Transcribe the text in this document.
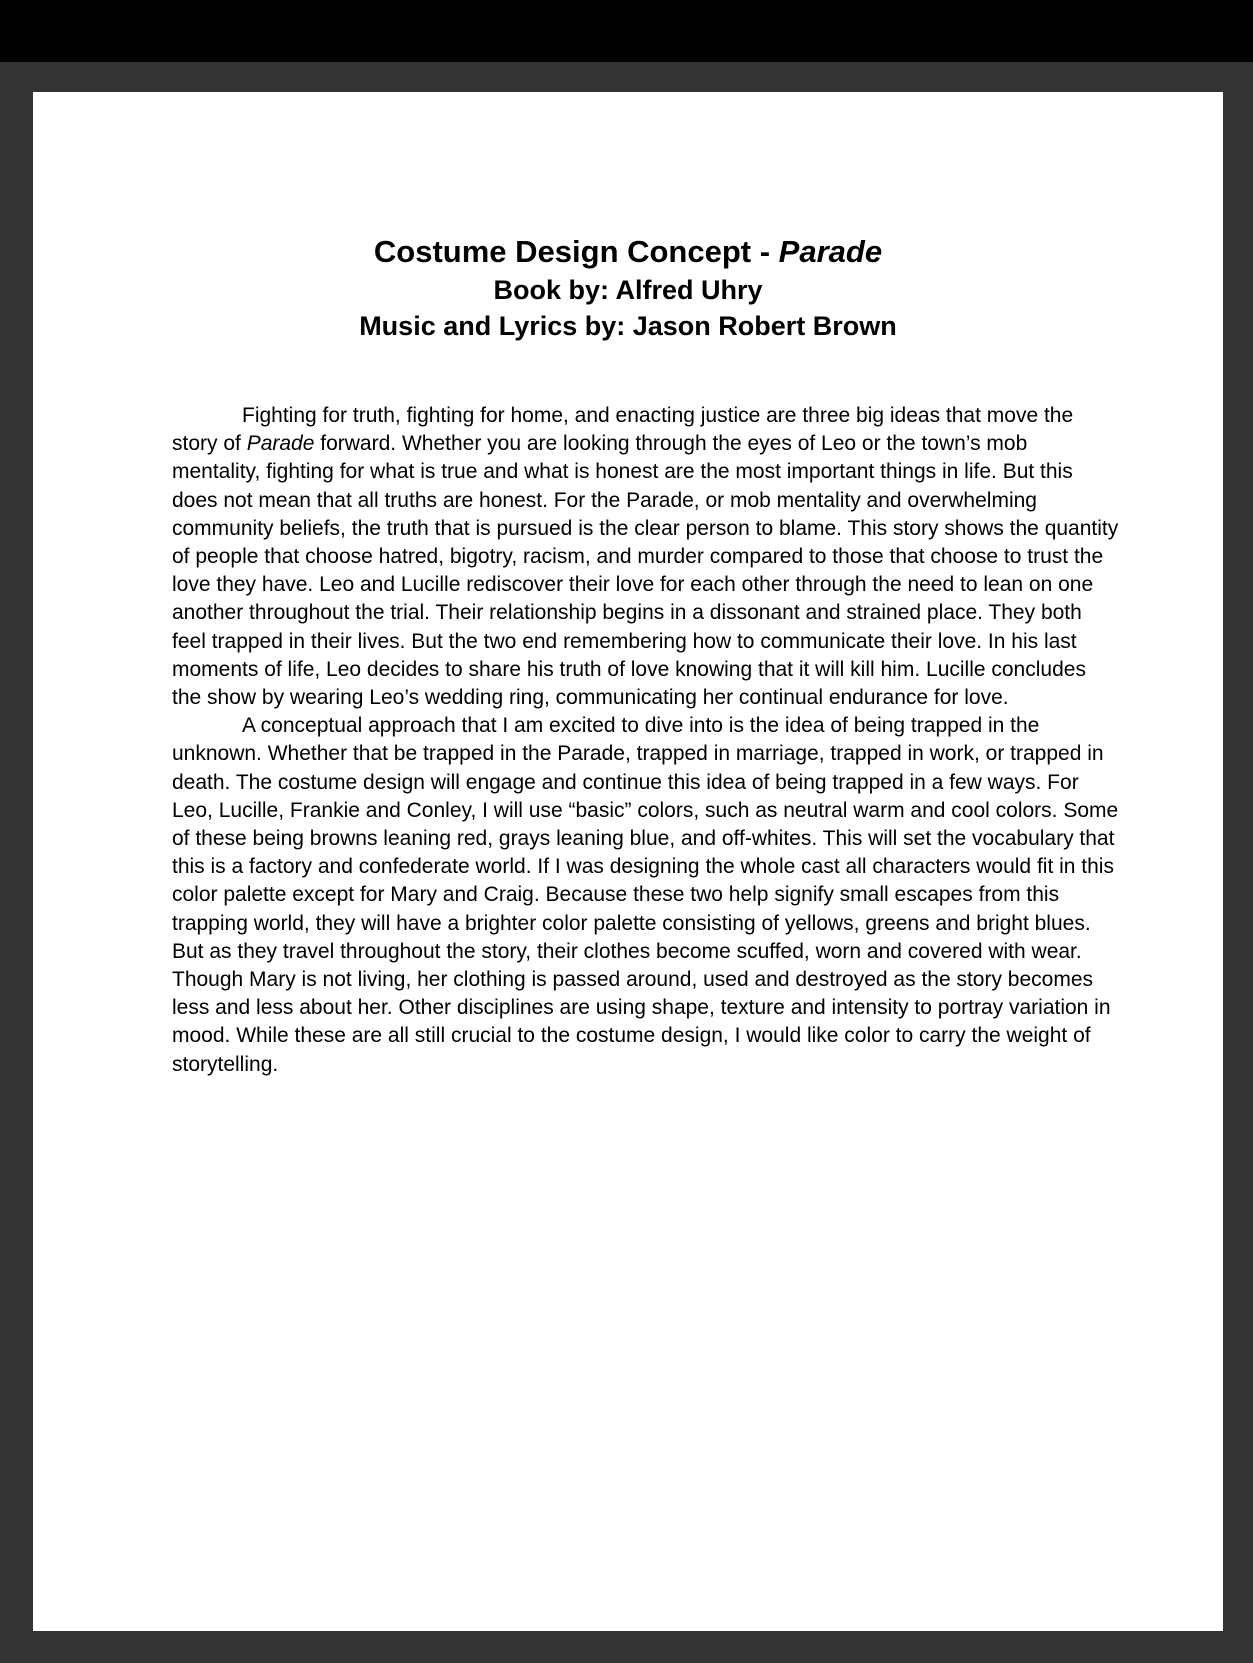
Costume Design Concept - Parade

Book by: Alfred Uhry

Music and Lyrics by: Jason Robert Brown

Fighting for truth, fighting for home, and enacting justice are three big ideas that move the story of Parade forward. Whether you are looking through the eyes of Leo or the town’s mob mentality, fighting for what is true and what is honest are the most important things in life. But this does not mean that all truths are honest. For the Parade, or mob mentality and overwhelming community beliefs, the truth that is pursued is the clear person to blame. This story shows the quantity of people that choose hatred, bigotry, racism, and murder compared to those that choose to trust the love they have. Leo and Lucille rediscover their love for each other through the need to lean on one another throughout the trial. Their relationship begins in a dissonant and strained place. They both feel trapped in their lives. But the two end remembering how to communicate their love. In his last moments of life, Leo decides to share his truth of love knowing that it will kill him. Lucille concludes the show by wearing Leo’s wedding ring, communicating her continual endurance for love.

A conceptual approach that I am excited to dive into is the idea of being trapped in the unknown. Whether that be trapped in the Parade, trapped in marriage, trapped in work, or trapped in death. The costume design will engage and continue this idea of being trapped in a few ways. For Leo, Lucille, Frankie and Conley, I will use “basic” colors, such as neutral warm and cool colors. Some of these being browns leaning red, grays leaning blue, and off-whites. This will set the vocabulary that this is a factory and confederate world. If I was designing the whole cast all characters would fit in this color palette except for Mary and Craig. Because these two help signify small escapes from this trapping world, they will have a brighter color palette consisting of yellows, greens and bright blues. But as they travel throughout the story, their clothes become scuffed, worn and covered with wear. Though Mary is not living, her clothing is passed around, used and destroyed as the story becomes less and less about her. Other disciplines are using shape, texture and intensity to portray variation in mood. While these are all still crucial to the costume design, I would like color to carry the weight of storytelling.
